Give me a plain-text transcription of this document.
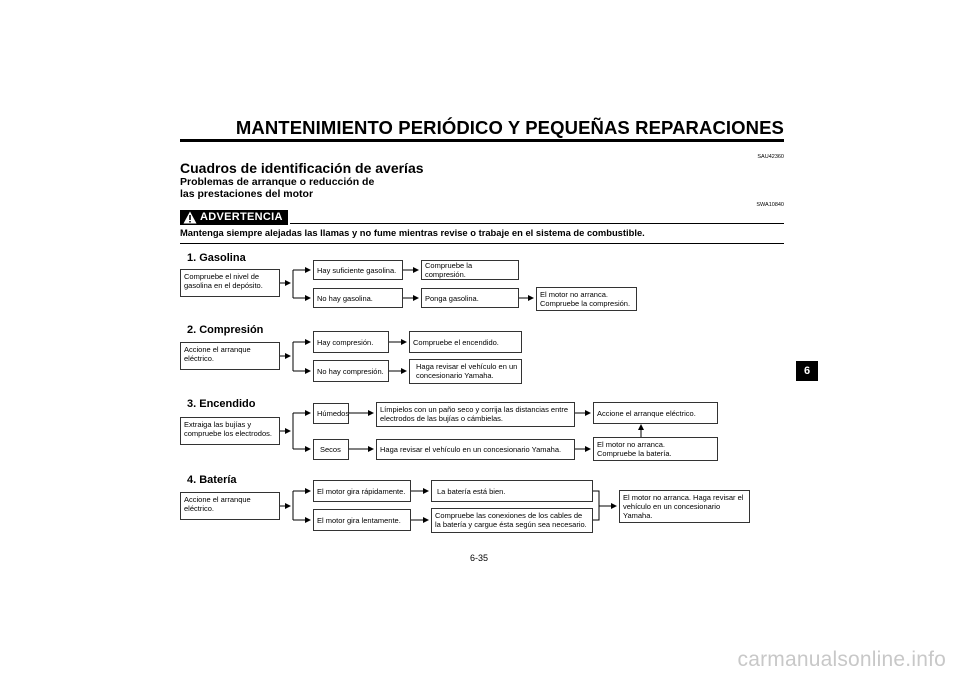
MANTENIMIENTO PERIÓDICO Y PEQUEÑAS REPARACIONES
SAU42360
Cuadros de identificación de averías
Problemas de arranque o reducción de
las prestaciones del motor
SWA10840
ADVERTENCIA
Mantenga siempre alejadas las llamas y no fume mientras revise o trabaje en el sistema de combustible.
1. Gasolina
Compruebe el nivel de
gasolina en el depósito.
Hay suficiente gasolina.	Compruebe la compresión.
No hay gasolina.	Ponga gasolina.	El motor no arranca.
Compruebe la compresión.
2. Compresión
Accione el arranque
eléctrico.
Hay compresión.	Compruebe el encendido.
No hay compresión.	Haga revisar el vehículo en un
concesionario Yamaha.
3. Encendido
Extraiga las bujías y
compruebe los electrodos.
Húmedos	Límpielos con un paño seco y corrija las distancias entre
electrodos de las bujías o cámbielas.
Accione el arranque eléctrico.
Secos	Haga revisar el vehículo en un concesionario Yamaha.
El motor no arranca.
Compruebe la batería.
4. Batería
Accione el arranque
eléctrico.
El motor gira rápidamente.	La batería está bien.
El motor gira lentamente.	Compruebe las conexiones de los cables de
la batería y cargue ésta según sea necesario.
El motor no arranca. Haga revisar el
vehículo en un concesionario
Yamaha.
6
6-35
carmanualsonline.info
